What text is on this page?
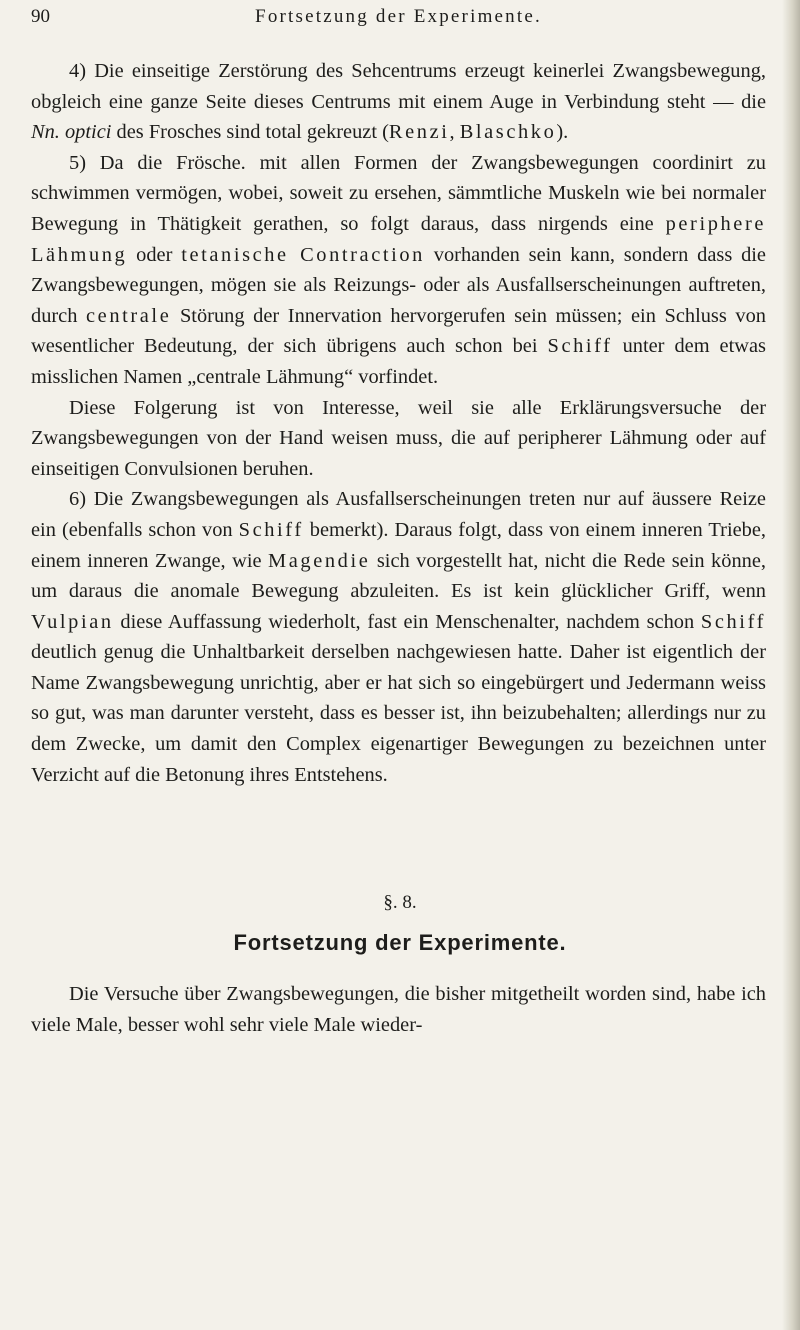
90	Fortsetzung der Experimente.

4) Die einseitige Zerstörung des Sehcentrums erzeugt keinerlei Zwangsbewegung, obgleich eine ganze Seite dieses Centrums mit einem Auge in Verbindung steht — die Nn. optici des Frosches sind total gekreuzt (Renzi, Blaschko).

5) Da die Frösche. mit allen Formen der Zwangsbewegungen coordinirt zu schwimmen vermögen, wobei, soweit zu ersehen, sämmtliche Muskeln wie bei normaler Bewegung in Thätigkeit gerathen, so folgt daraus, dass nirgends eine periphere Lähmung oder tetanische Contraction vorhanden sein kann, sondern dass die Zwangsbewegungen, mögen sie als Reizungs- oder als Ausfallserscheinungen auftreten, durch centrale Störung der Innervation hervorgerufen sein müssen; ein Schluss von wesentlicher Bedeutung, der sich übrigens auch schon bei Schiff unter dem etwas misslichen Namen „centrale Lähmung“ vorfindet.

Diese Folgerung ist von Interesse, weil sie alle Erklärungsversuche der Zwangsbewegungen von der Hand weisen muss, die auf peripherer Lähmung oder auf einseitigen Convulsionen beruhen.

6) Die Zwangsbewegungen als Ausfallserscheinungen treten nur auf äussere Reize ein (ebenfalls schon von Schiff bemerkt). Daraus folgt, dass von einem inneren Triebe, einem inneren Zwange, wie Magendie sich vorgestellt hat, nicht die Rede sein könne, um daraus die anomale Bewegung abzuleiten. Es ist kein glücklicher Griff, wenn Vulpian diese Auffassung wiederholt, fast ein Menschenalter, nachdem schon Schiff deutlich genug die Unhaltbarkeit derselben nachgewiesen hatte. Daher ist eigentlich der Name Zwangsbewegung unrichtig, aber er hat sich so eingebürgert und Jedermann weiss so gut, was man darunter versteht, dass es besser ist, ihn beizubehalten; allerdings nur zu dem Zwecke, um damit den Complex eigenartiger Bewegungen zu bezeichnen unter Verzicht auf die Betonung ihres Entstehens.

§. 8.
Fortsetzung der Experimente.

Die Versuche über Zwangsbewegungen, die bisher mitgetheilt worden sind, habe ich viele Male, besser wohl sehr viele Male wieder-
